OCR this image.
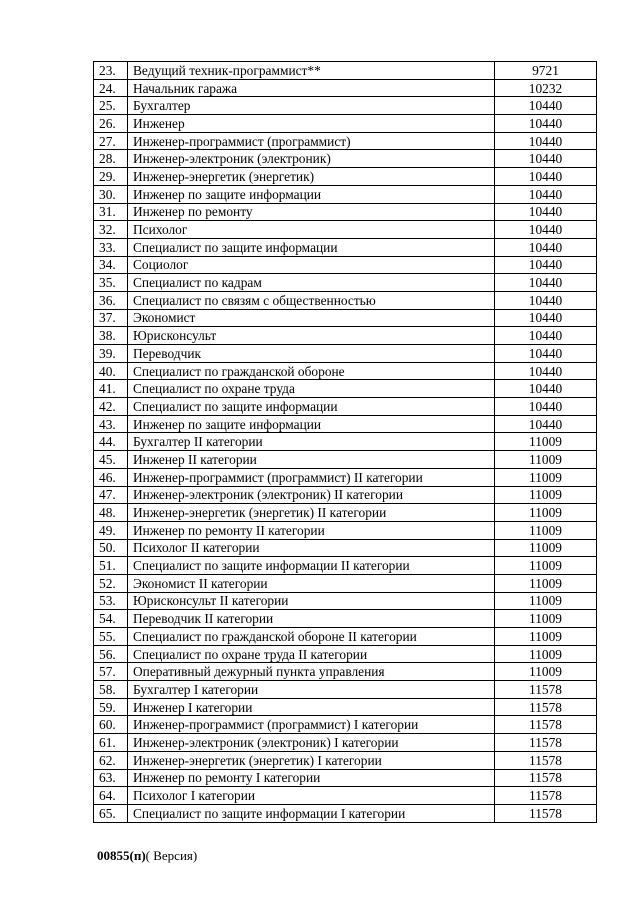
23.	Ведущий техник-программист**	9721
24.	Начальник гаража	10232
25.	Бухгалтер	10440
26.	Инженер	10440
27.	Инженер-программист (программист)	10440
28.	Инженер-электроник (электроник)	10440
29.	Инженер-энергетик (энергетик)	10440
30.	Инженер по защите информации	10440
31.	Инженер по ремонту	10440
32.	Психолог	10440
33.	Специалист по защите информации	10440
34.	Социолог	10440
35.	Специалист по кадрам	10440
36.	Специалист по связям с общественностью	10440
37.	Экономист	10440
38.	Юрисконсульт	10440
39.	Переводчик	10440
40.	Специалист по гражданской обороне	10440
41.	Специалист по охране труда	10440
42.	Специалист по защите информации	10440
43.	Инженер по защите информации	10440
44.	Бухгалтер II категории	11009
45.	Инженер II категории	11009
46.	Инженер-программист (программист) II категории	11009
47.	Инженер-электроник (электроник) II категории	11009
48.	Инженер-энергетик (энергетик) II категории	11009
49.	Инженер по ремонту II категории	11009
50.	Психолог II категории	11009
51.	Специалист по защите информации II категории	11009
52.	Экономист II категории	11009
53.	Юрисконсульт II категории	11009
54.	Переводчик II категории	11009
55.	Специалист по гражданской обороне II категории	11009
56.	Специалист по охране труда II категории	11009
57.	Оперативный дежурный пункта управления	11009
58.	Бухгалтер I категории	11578
59.	Инженер I категории	11578
60.	Инженер-программист (программист) I категории	11578
61.	Инженер-электроник (электроник) I категории	11578
62.	Инженер-энергетик (энергетик) I категории	11578
63.	Инженер по ремонту I категории	11578
64.	Психолог I категории	11578
65.	Специалист по защите информации I категории	11578
00855(п)( Версия)
